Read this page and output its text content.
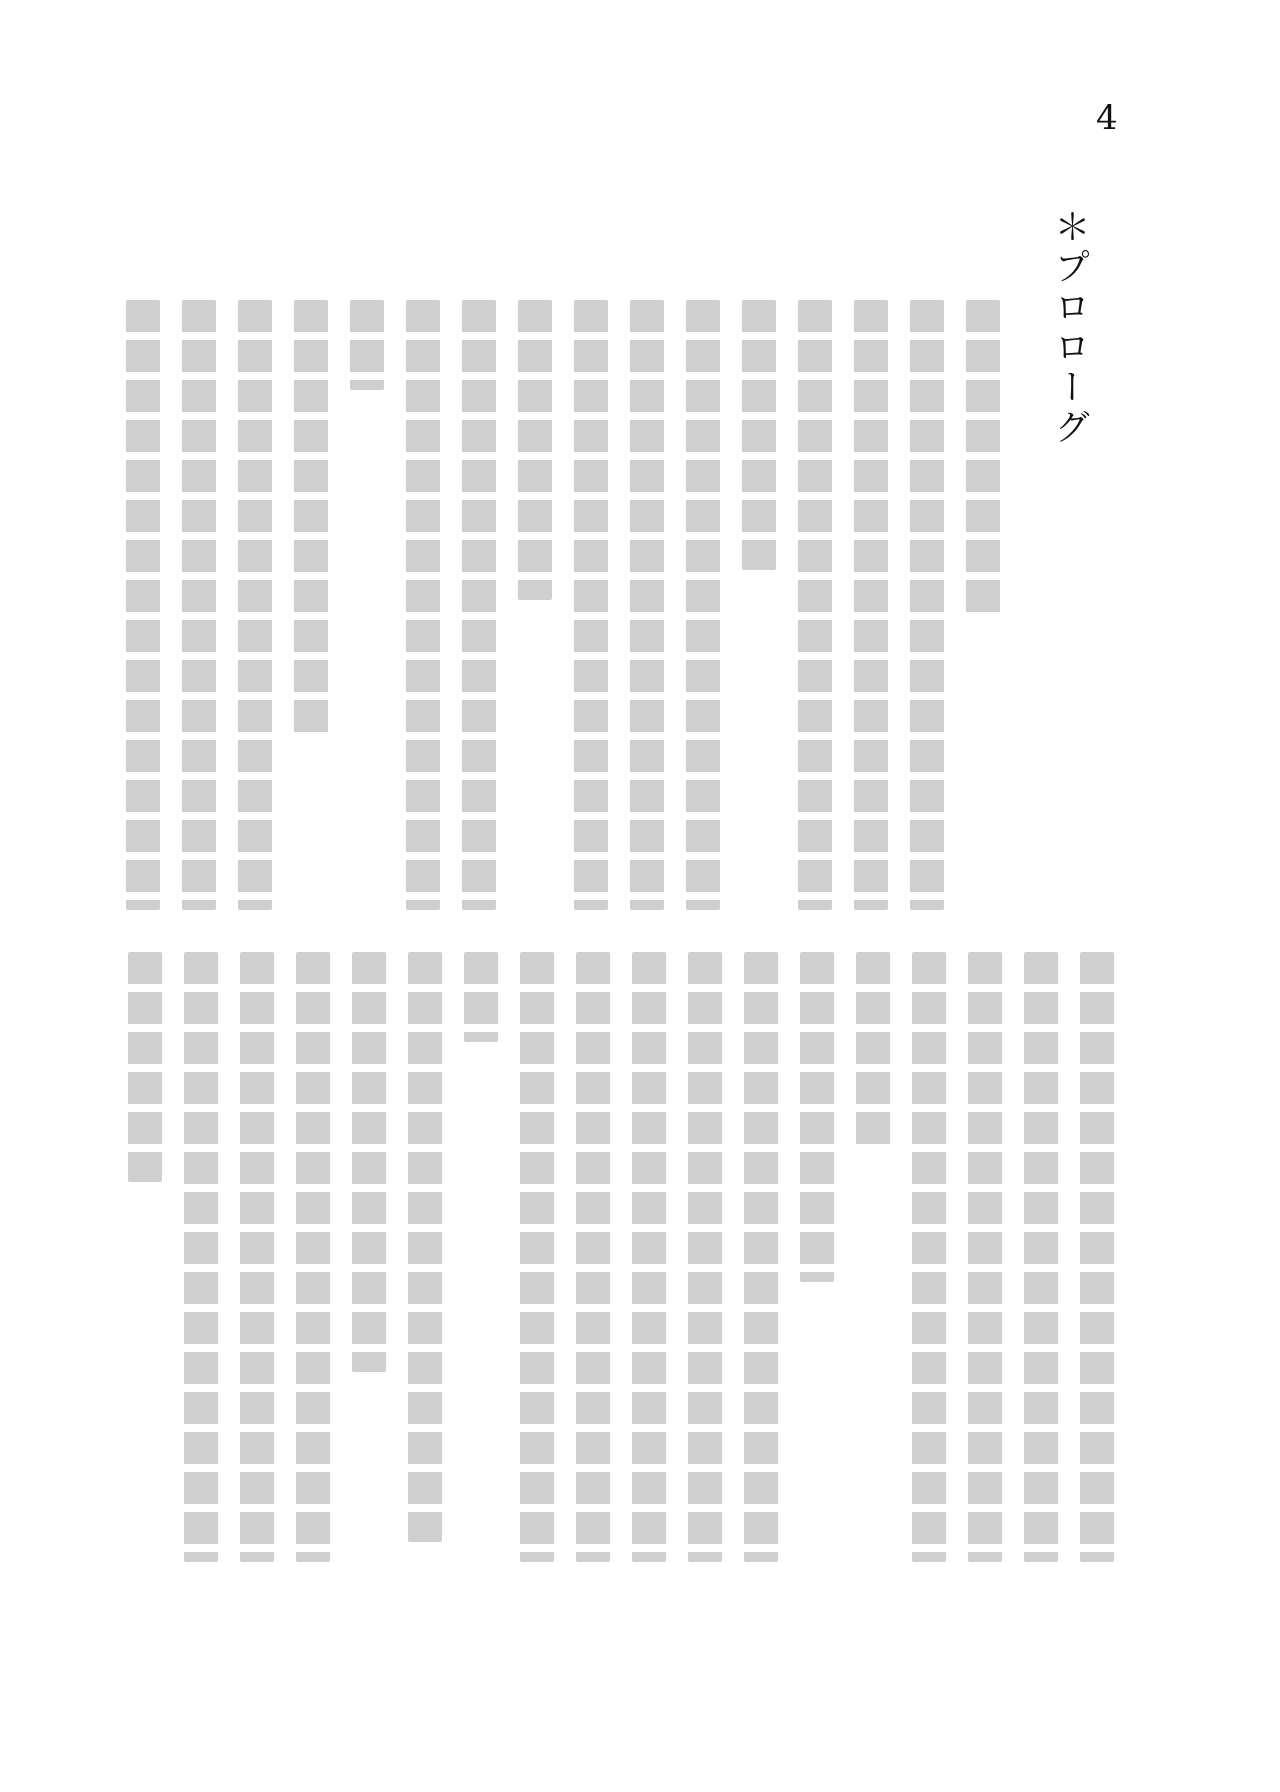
4
＊プロローグ
